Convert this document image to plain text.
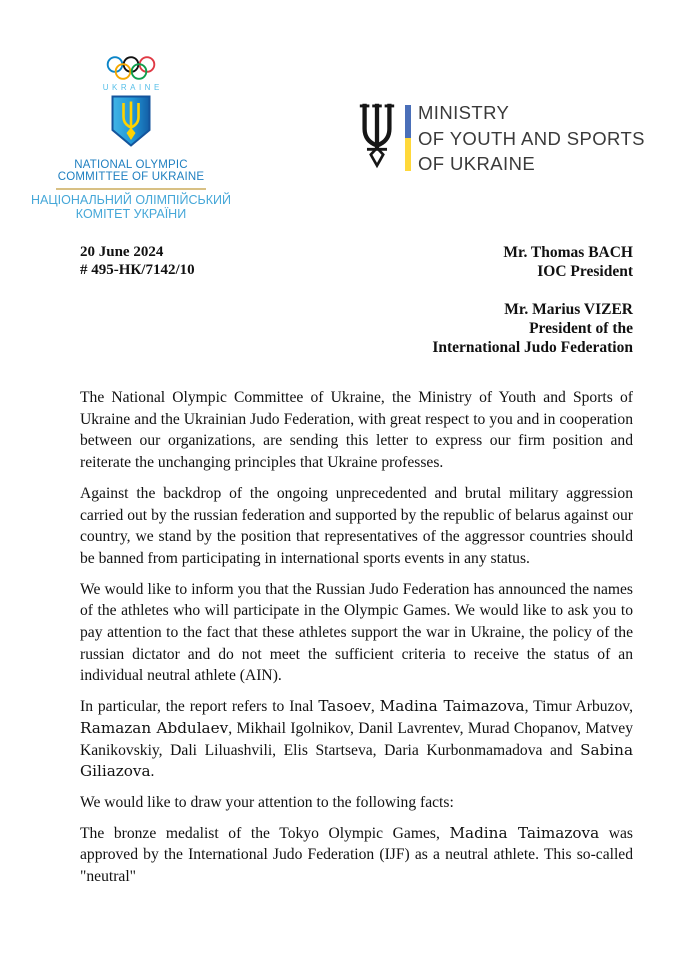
UKRAINE
NATIONAL OLYMPIC
COMMITTEE OF UKRAINE
НАЦІОНАЛЬНИЙ ОЛІМПІЙСЬКИЙ
КОМІТЕТ УКРАЇНИ
MINISTRY
OF YOUTH AND SPORTS
OF UKRAINE
20 June 2024
# 495-НК/7142/10
Mr. Thomas BACH
IOC President
Mr. Marius VIZER
President of the
International Judo Federation

The National Olympic Committee of Ukraine, the Ministry of Youth and Sports of Ukraine and the Ukrainian Judo Federation, with great respect to you and in cooperation between our organizations, are sending this letter to express our firm position and reiterate the unchanging principles that Ukraine professes.

Against the backdrop of the ongoing unprecedented and brutal military aggression carried out by the russian federation and supported by the republic of belarus against our country, we stand by the position that representatives of the aggressor countries should be banned from participating in international sports events in any status.

We would like to inform you that the Russian Judo Federation has announced the names of the athletes who will participate in the Olympic Games. We would like to ask you to pay attention to the fact that these athletes support the war in Ukraine, the policy of the russian dictator and do not meet the sufficient criteria to receive the status of an individual neutral athlete (AIN).

In particular, the report refers to Inal Tasoev, Madina Taimazova, Timur Arbuzov, Ramazan Abdulaev, Mikhail Igolnikov, Danil Lavrentev, Murad Chopanov, Matvey Kanikovskiy, Dali Liluashvili, Elis Startseva, Daria Kurbonmamadova and Sabina Giliazova.

We would like to draw your attention to the following facts:

The bronze medalist of the Tokyo Olympic Games, Madina Taimazova was approved by the International Judo Federation (IJF) as a neutral athlete. This so-called "neutral"
